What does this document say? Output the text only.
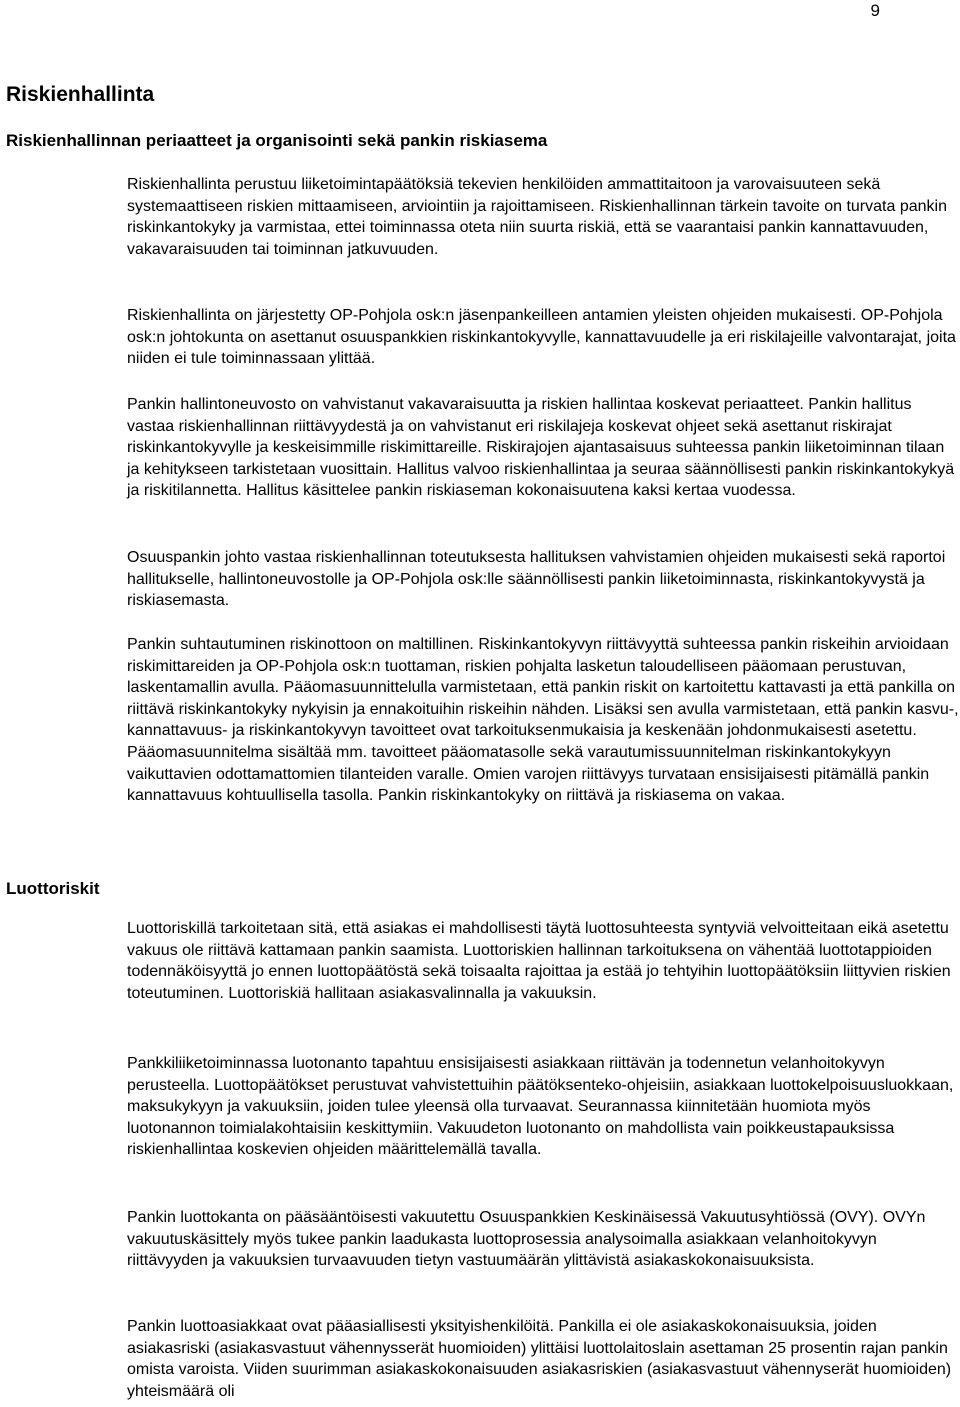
9
Riskienhallinta
Riskienhallinnan periaatteet ja organisointi sekä pankin riskiasema

Riskienhallinta perustuu liiketoimintapäätöksiä tekevien henkilöiden ammattitaitoon ja varovaisuuteen sekä systemaattiseen riskien mittaamiseen, arviointiin ja rajoittamiseen. Riskienhallinnan tärkein tavoite on turvata pankin riskinkantokyky ja varmistaa, ettei toiminnassa oteta niin suurta riskiä, että se vaarantaisi pankin kannattavuuden, vakavaraisuuden tai toiminnan jatkuvuuden.

Riskienhallinta on järjestetty OP-Pohjola osk:n jäsenpankeilleen antamien yleisten ohjeiden mukaisesti. OP-Pohjola osk:n johtokunta on asettanut osuuspankkien riskinkantokyvylle, kannattavuudelle ja eri riskilajeille valvontarajat, joita niiden ei tule toiminnassaan ylittää.

Pankin hallintoneuvosto on vahvistanut vakavaraisuutta ja riskien hallintaa koskevat periaatteet. Pankin hallitus vastaa riskienhallinnan riittävyydestä ja on vahvistanut eri riskilajeja koskevat ohjeet sekä asettanut riskirajat riskinkantokyvylle ja keskeisimmille riskimittareille. Riskirajojen ajantasaisuus suhteessa pankin liiketoiminnan tilaan ja kehitykseen tarkistetaan vuosittain. Hallitus valvoo riskienhallintaa ja seuraa säännöllisesti pankin riskinkantokykyä ja riskitilannetta. Hallitus käsittelee pankin riskiaseman kokonaisuutena kaksi kertaa vuodessa.

Osuuspankin johto vastaa riskienhallinnan toteutuksesta hallituksen vahvistamien ohjeiden mukaisesti sekä raportoi hallitukselle, hallintoneuvostolle ja OP-Pohjola osk:lle säännöllisesti pankin liiketoiminnasta, riskinkantokyvystä ja riskiasemasta.

Pankin suhtautuminen riskinottoon on maltillinen. Riskinkantokyvyn riittävyyttä suhteessa pankin riskeihin arvioidaan riskimittareiden ja OP-Pohjola osk:n tuottaman, riskien pohjalta lasketun taloudelliseen pääomaan perustuvan, laskentamallin avulla. Pääomasuunnittelulla varmistetaan, että pankin riskit on kartoitettu kattavasti ja että pankilla on riittävä riskinkantokyky nykyisin ja ennakoituihin riskeihin nähden. Lisäksi sen avulla varmistetaan, että pankin kasvu-, kannattavuus- ja riskinkantokyvyn tavoitteet ovat tarkoituksenmukaisia ja keskenään johdonmukaisesti asetettu. Pääomasuunnitelma sisältää mm. tavoitteet pääomatasolle sekä varautumissuunnitelman riskinkantokykyyn vaikuttavien odottamattomien tilanteiden varalle. Omien varojen riittävyys turvataan ensisijaisesti pitämällä pankin kannattavuus kohtuullisella tasolla. Pankin riskinkantokyky on riittävä ja riskiasema on vakaa.

Luottoriskit

Luottoriskillä tarkoitetaan sitä, että asiakas ei mahdollisesti täytä luottosuhteesta syntyviä velvoitteitaan eikä asetettu vakuus ole riittävä kattamaan pankin saamista. Luottoriskien hallinnan tarkoituksena on vähentää luottotappioiden todennäköisyyttä jo ennen luottopäätöstä sekä toisaalta rajoittaa ja estää jo tehtyihin luottopäätöksiin liittyvien riskien toteutuminen. Luottoriskiä hallitaan asiakasvalinnalla ja vakuuksin.

Pankkiliiketoiminnassa luotonanto tapahtuu ensisijaisesti asiakkaan riittävän ja todennetun velanhoitokyvyn perusteella. Luottopäätökset perustuvat vahvistettuihin päätöksenteko-ohjeisiin, asiakkaan luottokelpoisuusluokkaan, maksukykyyn ja vakuuksiin, joiden tulee yleensä olla turvaavat. Seurannassa kiinnitetään huomiota myös luotonannon toimialakohtaisiin keskittymiin. Vakuudeton luotonanto on mahdollista vain poikkeustapauksissa riskienhallintaa koskevien ohjeiden määrittelemällä tavalla.

Pankin luottokanta on pääsääntöisesti vakuutettu Osuuspankkien Keskinäisessä Vakuutusyhtiössä (OVY). OVYn vakuutuskäsittely myös tukee pankin laadukasta luottoprosessia analysoimalla asiakkaan velanhoitokyvyn riittävyyden ja vakuuksien turvaavuuden tietyn vastuumäärän ylittävistä asiakaskokonaisuuksista.

Pankin luottoasiakkaat ovat pääasiallisesti yksityishenkilöitä. Pankilla ei ole asiakaskokonaisuuksia, joiden asiakasriski (asiakasvastuut vähennysserät huomioiden) ylittäisi luottolaitoslain asettaman 25 prosentin rajan pankin omista varoista. Viiden suurimman asiakaskokonaisuuden asiakasriskien (asiakasvastuut vähennyserät huomioiden) yhteismäärä oli
